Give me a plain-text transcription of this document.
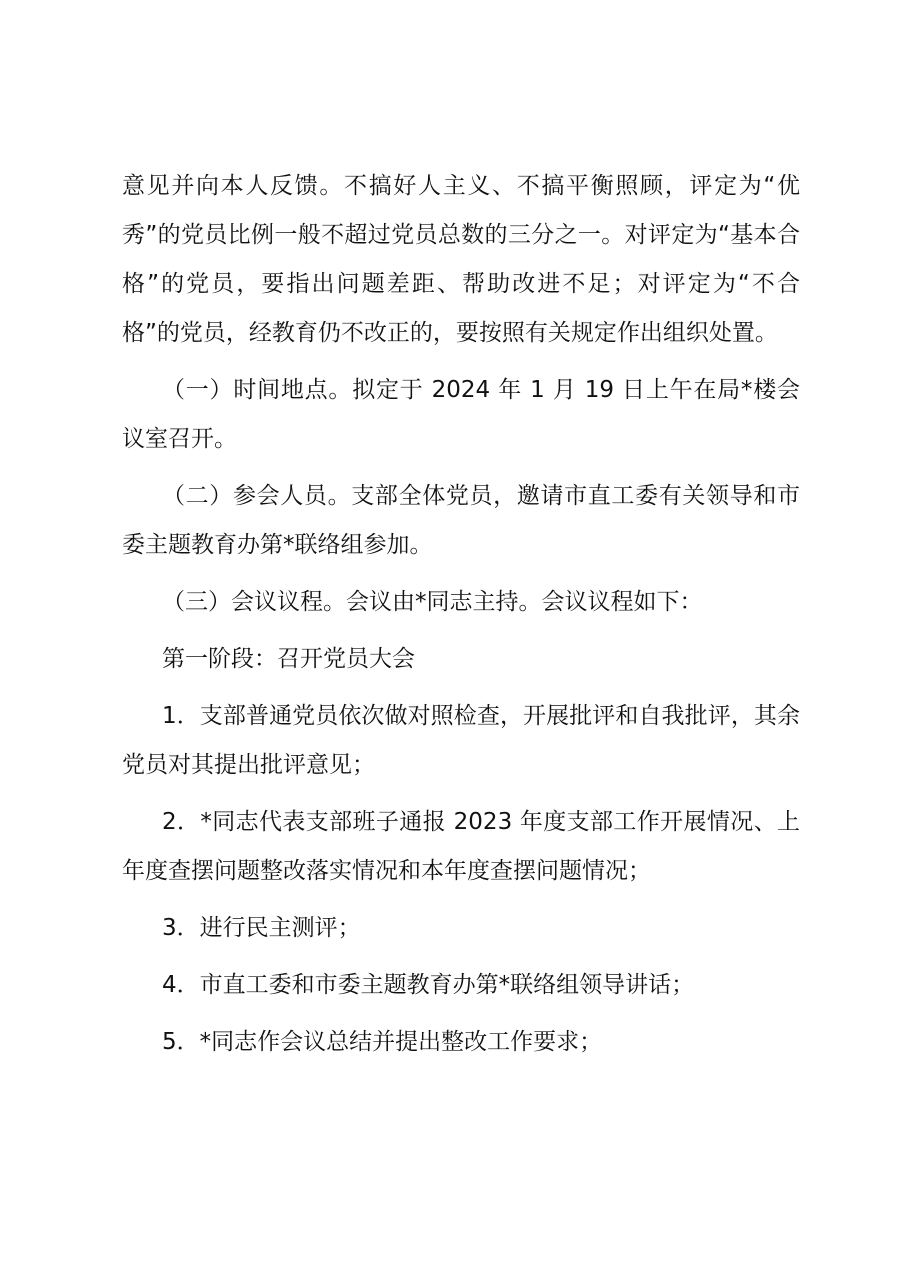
意见并向本人反馈。不搞好人主义、不搞平衡照顾，评定为“优秀”的党员比例一般不超过党员总数的三分之一。对评定为“基本合格”的党员，要指出问题差距、帮助改进不足；对评定为“不合格”的党员，经教育仍不改正的，要按照有关规定作出组织处置。

（一）时间地点。拟定于 2024 年 1 月 19 日上午在局*楼会议室召开。

（二）参会人员。支部全体党员，邀请市直工委有关领导和市委主题教育办第*联络组参加。

（三）会议议程。会议由*同志主持。会议议程如下：

第一阶段：召开党员大会

1．支部普通党员依次做对照检查，开展批评和自我批评，其余党员对其提出批评意见；

2．*同志代表支部班子通报 2023 年度支部工作开展情况、上年度查摆问题整改落实情况和本年度查摆问题情况；

3．进行民主测评；

4．市直工委和市委主题教育办第*联络组领导讲话；

5．*同志作会议总结并提出整改工作要求；
